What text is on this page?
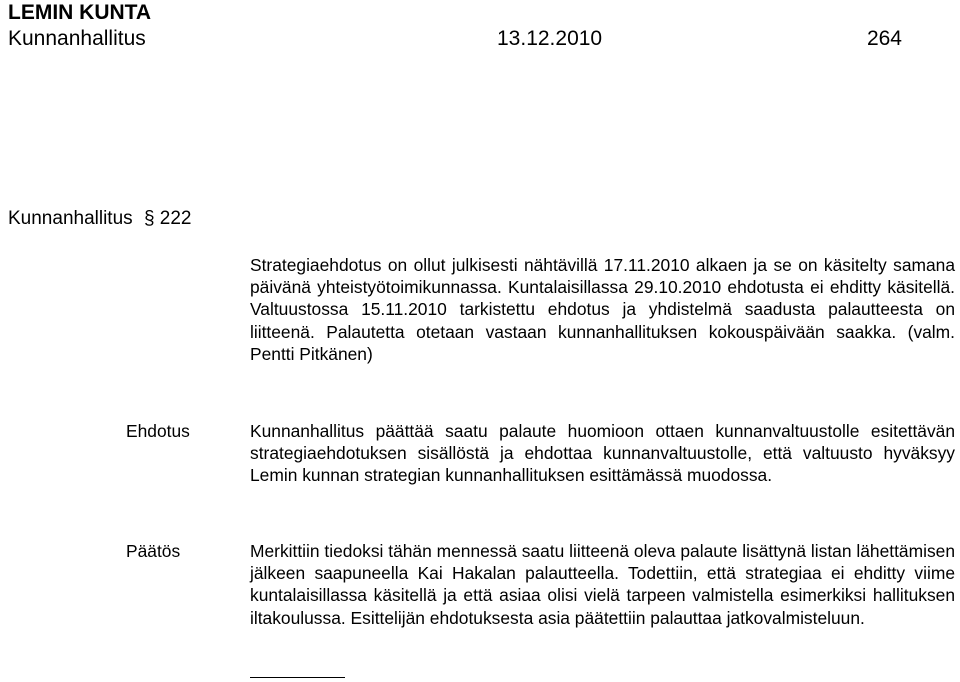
LEMIN KUNTA
Kunnanhallitus	13.12.2010	264
Kunnanhallitus § 222

Strategiaehdotus on ollut julkisesti nähtävillä 17.11.2010 alkaen ja se on käsitelty samana päivänä yhteistyötoimikunnassa. Kuntalaisillassa 29.10.2010 ehdotusta ei ehditty käsitellä. Valtuustossa 15.11.2010 tarkistettu ehdotus ja yhdistelmä saadusta palautteesta on liitteenä. Palautetta otetaan vastaan kunnanhallituksen kokouspäivään saakka. (valm. Pentti Pitkänen)

Ehdotus	Kunnanhallitus päättää saatu palaute huomioon ottaen kunnanvaltuustolle esitettävän strategiaehdotuksen sisällöstä ja ehdottaa kunnanvaltuustolle, että valtuusto hyväksyy Lemin kunnan strategian kunnanhallituksen esittämässä muodossa.

Päätös	Merkittiin tiedoksi tähän mennessä saatu liitteenä oleva palaute lisättynä listan lähettämisen jälkeen saapuneella Kai Hakalan palautteella. Todettiin, että strategiaa ei ehditty viime kuntalaisillassa käsitellä ja että asiaa olisi vielä tarpeen valmistella esimerkiksi hallituksen iltakoulussa. Esittelijän ehdotuksesta asia päätettiin palauttaa jatkovalmisteluun.
